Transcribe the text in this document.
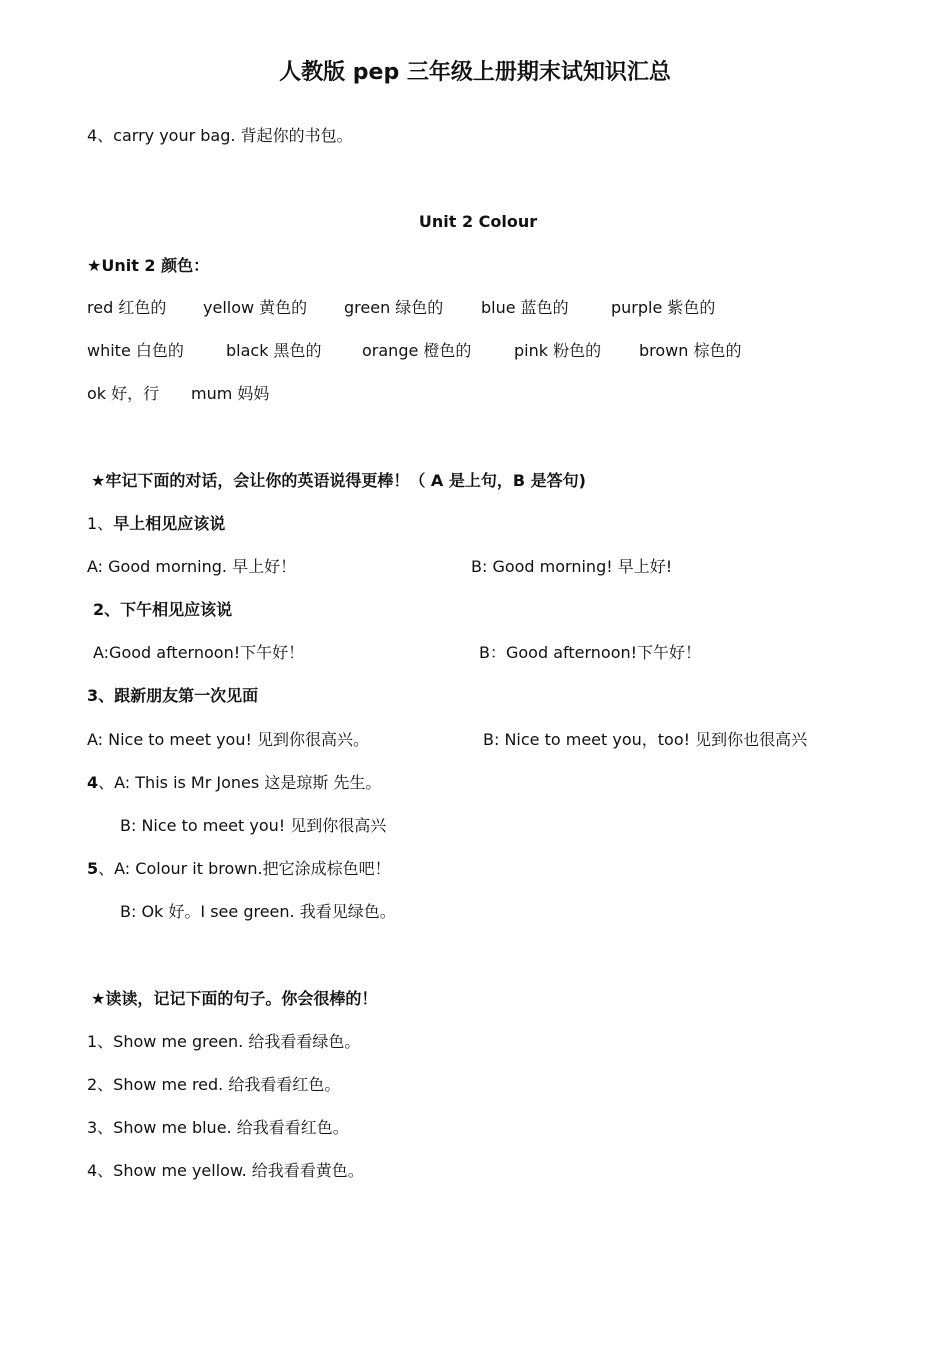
人教版 pep 三年级上册期末试知识汇总
4、carry your bag. 背起你的书包。
Unit 2 Colour
★Unit 2 颜色：
red 红色的 yellow 黄色的 green 绿色的 blue 蓝色的	purple 紫色的
white 白色的	black 黑色的	orange 橙色的	pink 粉色的 brown 棕色的
ok 好，行 mum 妈妈
★牢记下面的对话，会让你的英语说得更棒！（ A 是上句，B 是答句)
1、早上相见应该说
A: Good morning. 早上好！	B: Good morning! 早上好!
2、下午相见应该说
A:Good afternoon!下午好！	B：Good afternoon!下午好！
3、跟新朋友第一次见面
A: Nice to meet you! 见到你很高兴。	B: Nice to meet you，too! 见到你也很高兴
4、A: This is Mr Jones 这是琼斯 先生。
B: Nice to meet you! 见到你很高兴
5、A: Colour it brown.把它涂成棕色吧！
B: Ok 好。I see green. 我看见绿色。
★读读，记记下面的句子。你会很棒的！
1、Show me green. 给我看看绿色。
2、Show me red. 给我看看红色。
3、Show me blue. 给我看看红色。
4、Show me yellow. 给我看看黄色。
